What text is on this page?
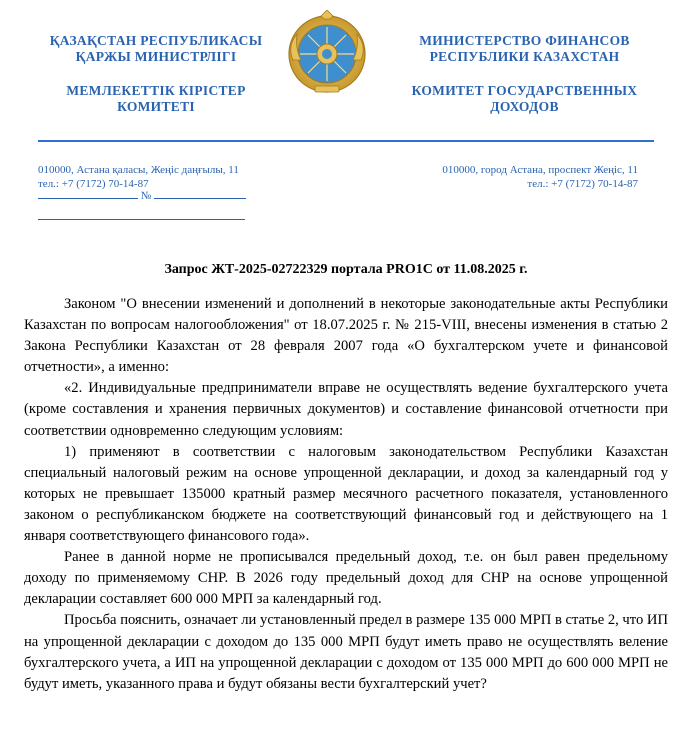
ҚАЗАҚСТАН РЕСПУБЛИКАСЫ
ҚАРЖЫ МИНИСТРЛІГІ
МЕМЛЕКЕТТІК КІРІСТЕР
КОМИТЕТІ
МИНИСТЕРСТВО ФИНАНСОВ
РЕСПУБЛИКИ КАЗАХСТАН
КОМИТЕТ ГОСУДАРСТВЕННЫХ
ДОХОДОВ
010000, Астана қаласы, Жеңіс даңғылы, 11
тел.: +7 (7172) 70-14-87
010000, город Астана, проспект Жеңіс, 11
тел.: +7 (7172) 70-14-87
№
Запрос ЖТ-2025-02722329 портала PRO1C от 11.08.2025 г.

Законом "О внесении изменений и дополнений в некоторые законодательные акты Республики Казахстан по вопросам налогообложения" от 18.07.2025 г. № 215-VIII, внесены изменения в статью 2 Закона Республики Казахстан от 28 февраля 2007 года «О бухгалтерском учете и финансовой отчетности», а именно:

«2. Индивидуальные предприниматели вправе не осуществлять ведение бухгалтерского учета (кроме составления и хранения первичных документов) и составление финансовой отчетности при соответствии одновременно следующим условиям:

1) применяют в соответствии с налоговым законодательством Республики Казахстан специальный налоговый режим на основе упрощенной декларации, и доход за календарный год у которых не превышает 135000 кратный размер месячного расчетного показателя, установленного законом о республиканском бюджете на соответствующий финансовый год и действующего на 1 января соответствующего финансового года».

Ранее в данной норме не прописывался предельный доход, т.е. он был равен предельному доходу по применяемому СНР. В 2026 году предельный доход для СНР на основе упрощенной декларации составляет 600 000 МРП за календарный год.

Просьба пояснить, означает ли установленный предел в размере 135 000 МРП в статье 2, что ИП на упрощенной декларации с доходом до 135 000 МРП будут иметь право не осуществлять веление бухгалтерского учета, а ИП на упрощенной декларации с доходом от 135 000 МРП до 600 000 МРП не будут иметь, указанного права и будут обязаны вести бухгалтерский учет?
